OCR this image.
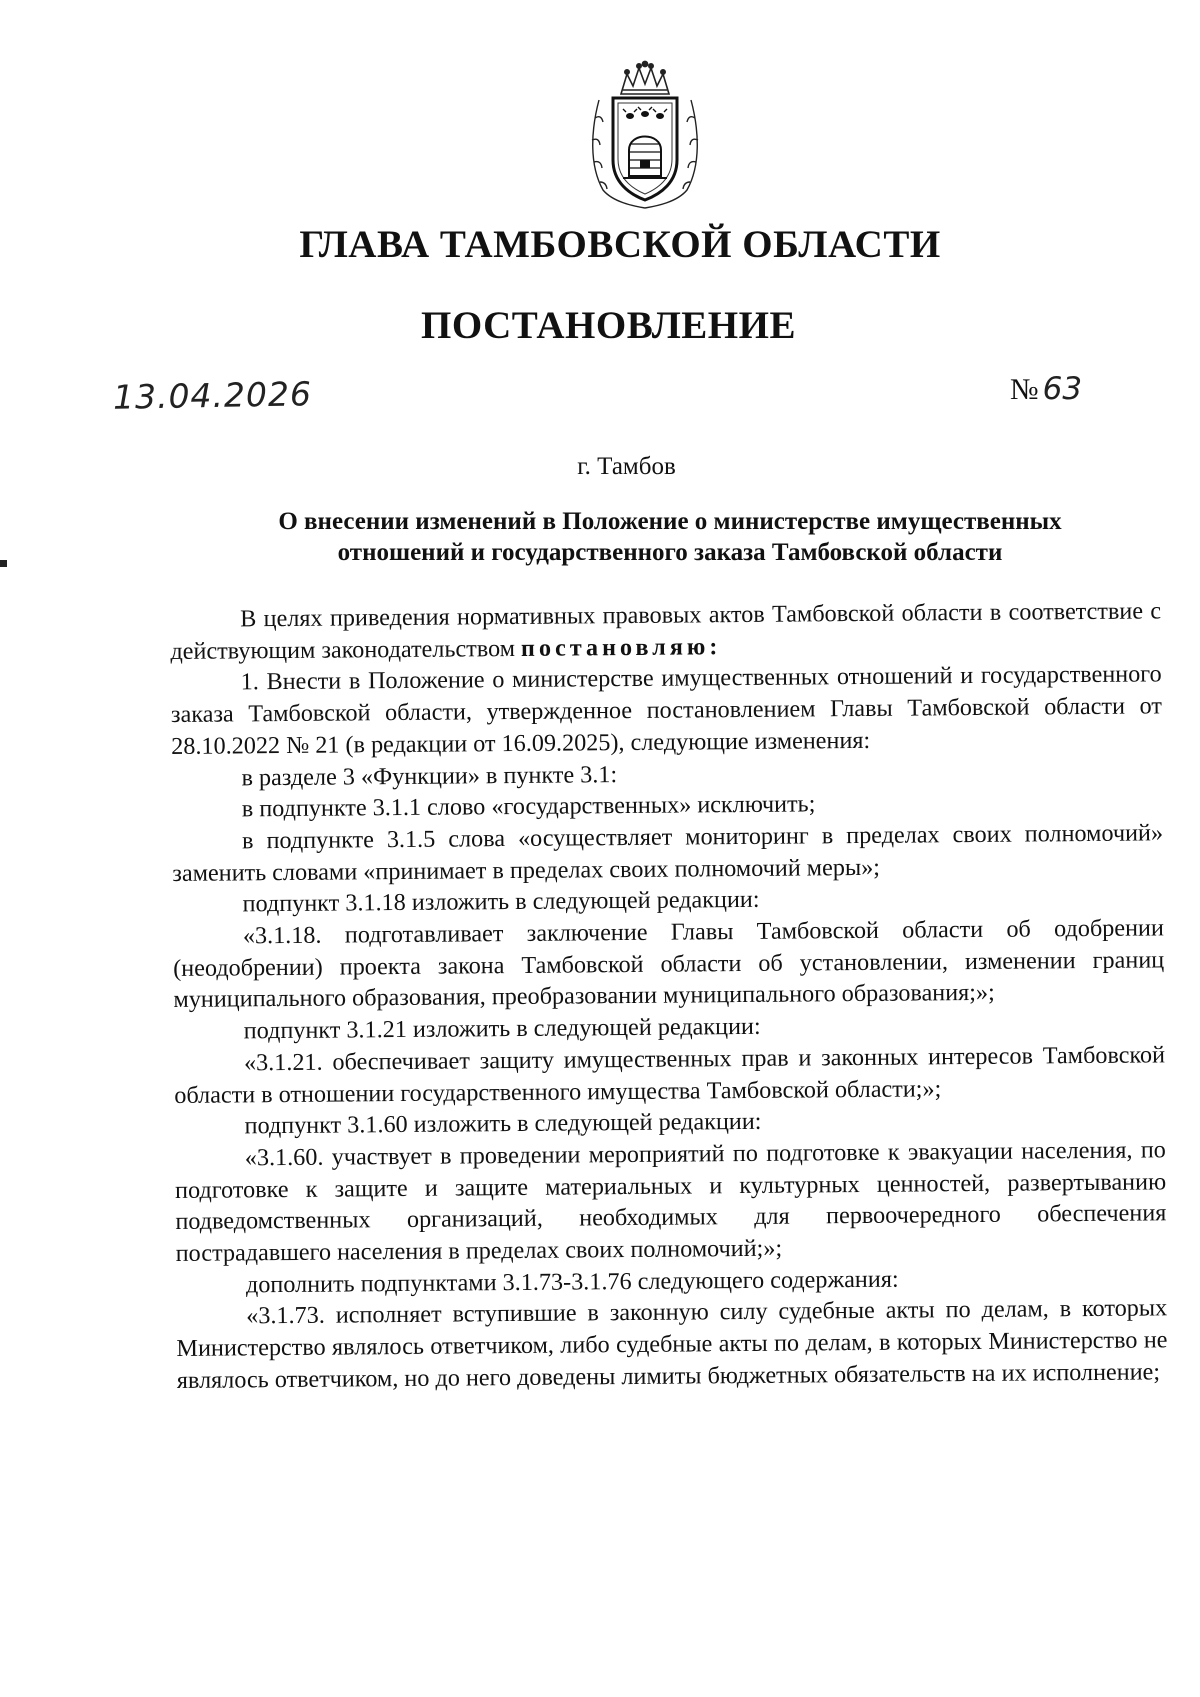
ГЛАВА ТАМБОВСКОЙ ОБЛАСТИ
ПОСТАНОВЛЕНИЕ
13.04.2026	№ 63
г. Тамбов
О внесении изменений в Положение о министерстве имущественных
отношений и государственного заказа Тамбовской области

В целях приведения нормативных правовых актов Тамбовской области в соответствие с действующим законодательством постановляю:

1. Внести в Положение о министерстве имущественных отношений и государственного заказа Тамбовской области, утвержденное постановлением Главы Тамбовской области от 28.10.2022 № 21 (в редакции от 16.09.2025), следующие изменения:

в разделе 3 «Функции» в пункте 3.1:

в подпункте 3.1.1 слово «государственных» исключить;

в подпункте 3.1.5 слова «осуществляет мониторинг в пределах своих полномочий» заменить словами «принимает в пределах своих полномочий меры»;

подпункт 3.1.18 изложить в следующей редакции:

«3.1.18. подготавливает заключение Главы Тамбовской области об одобрении (неодобрении) проекта закона Тамбовской области об установлении, изменении границ муниципального образования, преобразовании муниципального образования;»;

подпункт 3.1.21 изложить в следующей редакции:

«3.1.21. обеспечивает защиту имущественных прав и законных интересов Тамбовской области в отношении государственного имущества Тамбовской области;»;

подпункт 3.1.60 изложить в следующей редакции:

«3.1.60. участвует в проведении мероприятий по подготовке к эвакуации населения, по подготовке к защите и защите материальных и культурных ценностей, развертыванию подведомственных организаций, необходимых для первоочередного обеспечения пострадавшего населения в пределах своих полномочий;»;

дополнить подпунктами 3.1.73-3.1.76 следующего содержания:

«3.1.73. исполняет вступившие в законную силу судебные акты по делам, в которых Министерство являлось ответчиком, либо судебные акты по делам, в которых Министерство не являлось ответчиком, но до него доведены лимиты бюджетных обязательств на их исполнение;
